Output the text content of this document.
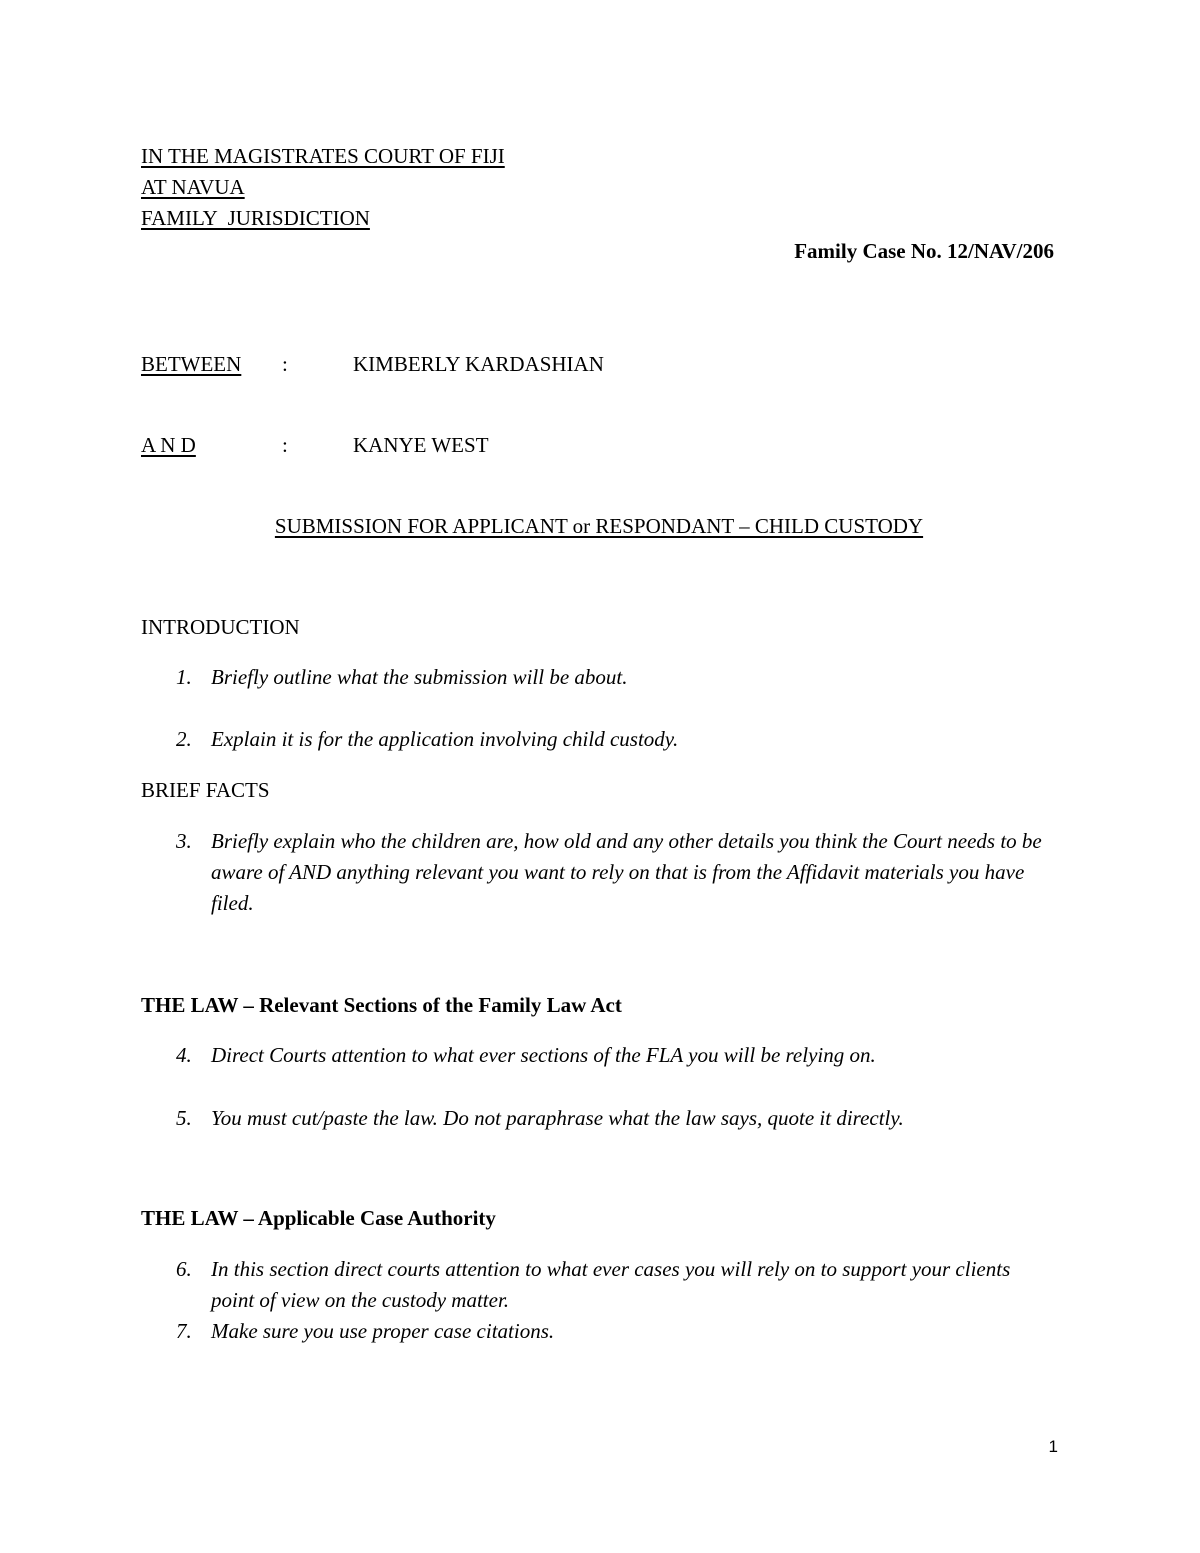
IN THE MAGISTRATES COURT OF FIJI
AT NAVUA
FAMILY  JURISDICTION
Family Case No. 12/NAV/206
BETWEEN :	KIMBERLY KARDASHIAN
A N D	:	KANYE WEST
SUBMISSION FOR APPLICANT or RESPONDANT – CHILD CUSTODY
INTRODUCTION
1. Briefly outline what the submission will be about.
2. Explain it is for the application involving child custody.
BRIEF FACTS
3. Briefly explain who the children are, how old and any other details you think the Court needs to be aware of AND anything relevant you want to rely on that is from the Affidavit materials you have filed.
THE LAW – Relevant Sections of the Family Law Act
4. Direct Courts attention to what ever sections of the FLA you will be relying on.
5. You must cut/paste the law. Do not paraphrase what the law says, quote it directly.
THE LAW – Applicable Case Authority
6. In this section direct courts attention to what ever cases you will rely on to support your clients point of view on the custody matter.
7. Make sure you use proper case citations.
1
